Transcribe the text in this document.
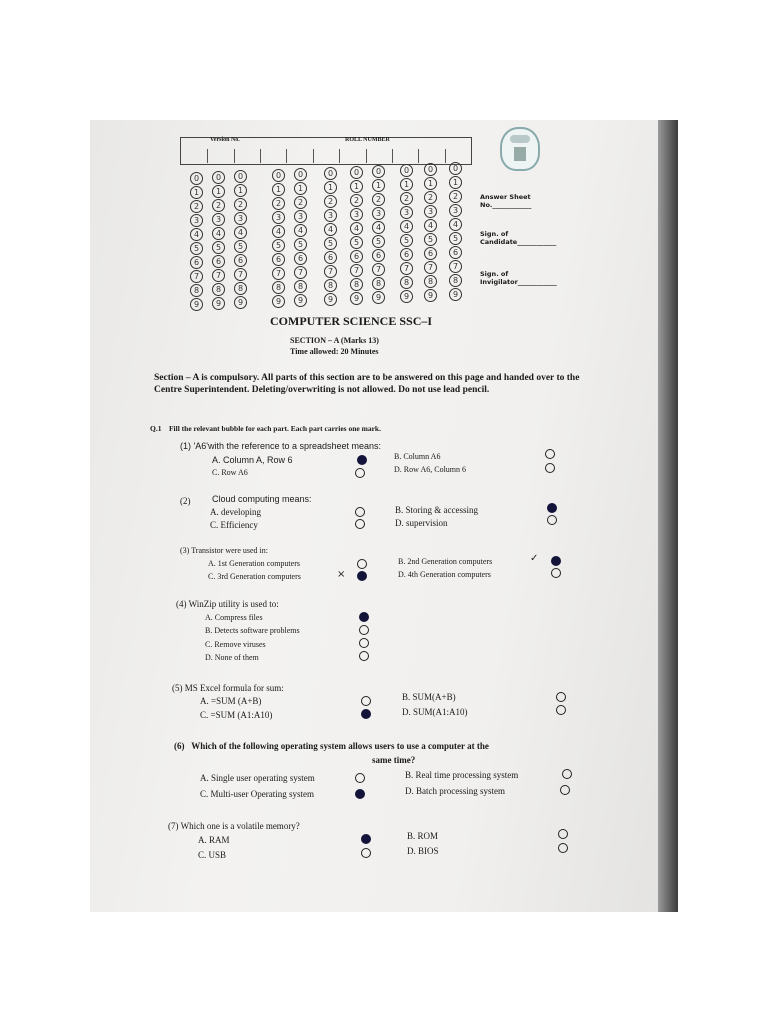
Version No.	ROLL NUMBER
0
1
2
3
4
5
6
7
8
9
0
1
2
3
4
5
6
7
8
9
0
1
2
3
4
5
6
7
8
9
0
1
2
3
4
5
6
7
8
9
0
1
2
3
4
5
6
7
8
9
0
1
2
3
4
5
6
7
8
9
0
1
2
3
4
5
6
7
8
9
0
1
2
3
4
5
6
7
8
9
0
1
2
3
4
5
6
7
8
9
0
1
2
3
4
5
6
7
8
9
0
1
2
3
4
5
6
7
8
9
Answer Sheet
No.____________
Sign. of
Candidate____________
Sign. of
Invigilator____________
COMPUTER SCIENCE SSC–I
SECTION – A (Marks 13)
Time allowed: 20 Minutes
Section – A is compulsory. All parts of this section are to be answered on this page and handed over to the Centre Superintendent. Deleting/overwriting is not allowed. Do not use lead pencil.
Q.1 Fill the relevant bubble for each part. Each part carries one mark.
(1) 'A6'with the reference to a spreadsheet means:
A. Column A, Row 6
C. Row A6
B. Column A6
D. Row A6, Column 6
(2) Cloud computing means:
A. developing
C. Efficiency
B. Storing & accessing
D. supervision
(3) Transistor were used in:
A. 1st Generation computers
C. 3rd Generation computers
B. 2nd Generation computers
D. 4th Generation computers
×
✓
(4) WinZip utility is used to:
A. Compress files
B. Detects software problems
C. Remove viruses
D. None of them
(5) MS Excel formula for sum:
A. =SUM (A+B)
C. =SUM (A1:A10)
B. SUM(A+B)
D. SUM(A1:A10)
(6) Which of the following operating system allows users to use a computer at the
same time?
A. Single user operating system
C. Multi-user Operating system
B. Real time processing system
D. Batch processing system
(7) Which one is a volatile memory?
A. RAM
C. USB
B. ROM
D. BIOS
